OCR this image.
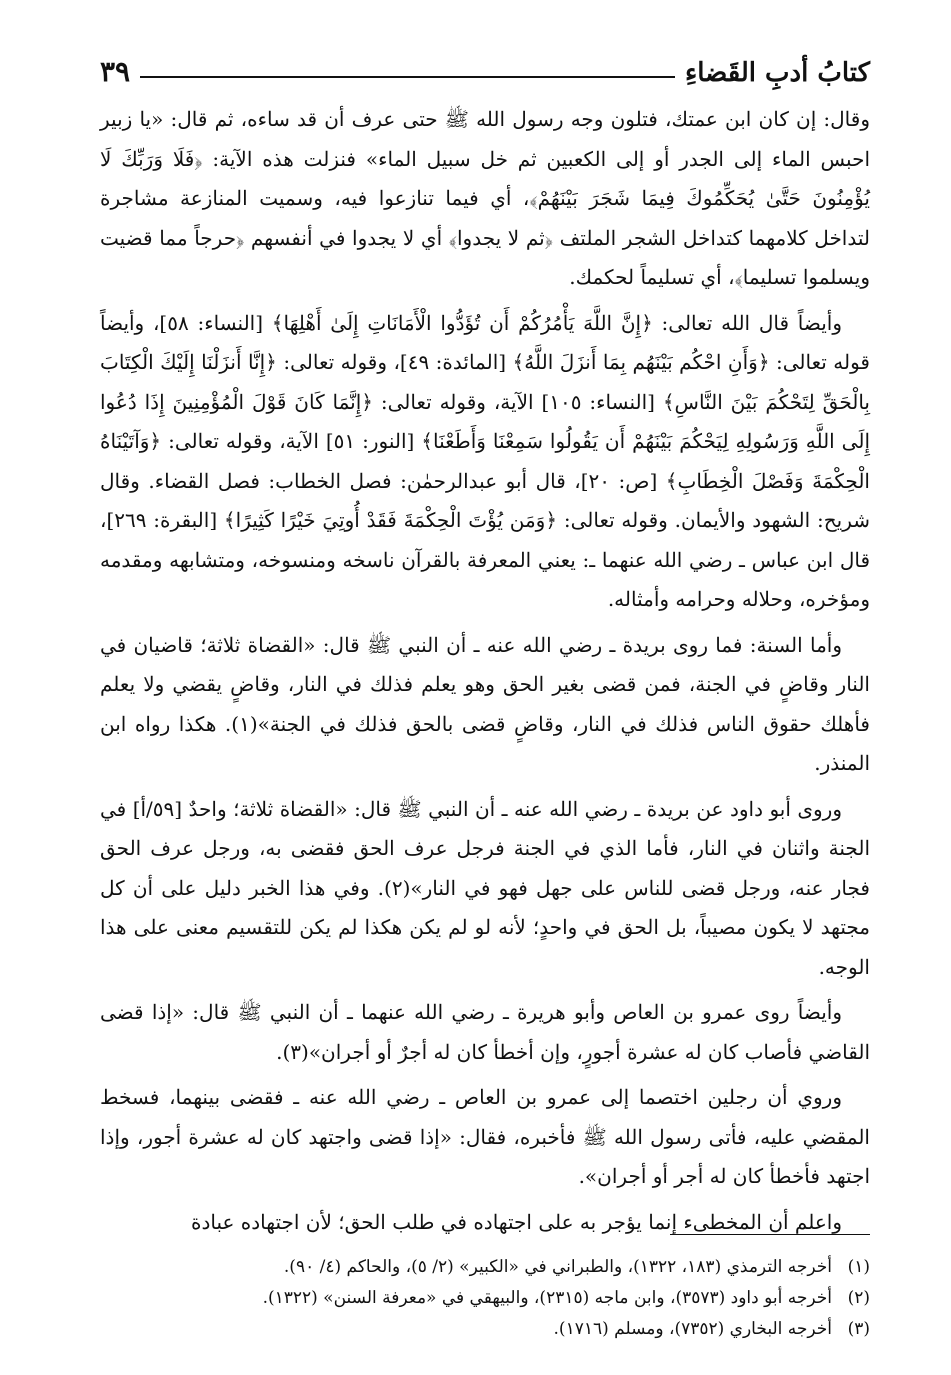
كتابُ أدبِ القَضاءِ
٣٩

وقال: إن كان ابن عمتك، فتلون وجه رسول الله ﷺ حتى عرف أن قد ساءه، ثم قال: «يا زبير احبس الماء إلى الجدر أو إلى الكعبين ثم خل سبيل الماء» فنزلت هذه الآية: ﴿فَلَا وَرَبِّكَ لَا يُؤْمِنُونَ حَتَّىٰ يُحَكِّمُوكَ فِيمَا شَجَرَ بَيْنَهُمْ﴾، أي فيما تنازعوا فيه، وسميت المنازعة مشاجرة لتداخل كلامهما كتداخل الشجر الملتف ﴿ثم لا يجدوا﴾ أي لا يجدوا في أنفسهم ﴿حرجاً مما قضيت ويسلموا تسليما﴾، أي تسليماً لحكمك.

وأيضاً قال الله تعالى: ﴿إِنَّ اللَّهَ يَأْمُرُكُمْ أَن تُؤَدُّوا الْأَمَانَاتِ إِلَىٰ أَهْلِهَا﴾ [النساء: ٥٨]، وأيضاً قوله تعالى: ﴿وَأَنِ احْكُم بَيْنَهُم بِمَا أَنزَلَ اللَّهُ﴾ [المائدة: ٤٩]، وقوله تعالى: ﴿إِنَّا أَنزَلْنَا إِلَيْكَ الْكِتَابَ بِالْحَقِّ لِتَحْكُمَ بَيْنَ النَّاسِ﴾ [النساء: ١٠٥] الآية، وقوله تعالى: ﴿إِنَّمَا كَانَ قَوْلَ الْمُؤْمِنِينَ إِذَا دُعُوا إِلَى اللَّهِ وَرَسُولِهِ لِيَحْكُمَ بَيْنَهُمْ أَن يَقُولُوا سَمِعْنَا وَأَطَعْنَا﴾ [النور: ٥١] الآية، وقوله تعالى: ﴿وَآتَيْنَاهُ الْحِكْمَةَ وَفَصْلَ الْخِطَابِ﴾ [ص: ٢٠]، قال أبو عبدالرحمٰن: فصل الخطاب: فصل القضاء. وقال شريح: الشهود والأيمان. وقوله تعالى: ﴿وَمَن يُؤْتَ الْحِكْمَةَ فَقَدْ أُوتِيَ خَيْرًا كَثِيرًا﴾ [البقرة: ٢٦٩]، قال ابن عباس ـ رضي الله عنهما ـ: يعني المعرفة بالقرآن ناسخه ومنسوخه، ومتشابهه ومقدمه ومؤخره، وحلاله وحرامه وأمثاله.

وأما السنة: فما روى بريدة ـ رضي الله عنه ـ أن النبي ﷺ قال: «القضاة ثلاثة؛ قاضيان في النار وقاضٍ في الجنة، فمن قضى بغير الحق وهو يعلم فذلك في النار، وقاضٍ يقضي ولا يعلم فأهلك حقوق الناس فذلك في النار، وقاضٍ قضى بالحق فذلك في الجنة»(١). هكذا رواه ابن المنذر.

وروى أبو داود عن بريدة ـ رضي الله عنه ـ أن النبي ﷺ قال: «القضاة ثلاثة؛ واحدٌ [٥٩/أ] في الجنة واثنان في النار، فأما الذي في الجنة فرجل عرف الحق فقضى به، ورجل عرف الحق فجار عنه، ورجل قضى للناس على جهل فهو في النار»(٢). وفي هذا الخبر دليل على أن كل مجتهد لا يكون مصيباً، بل الحق في واحدٍ؛ لأنه لو لم يكن هكذا لم يكن للتقسيم معنى على هذا الوجه.

وأيضاً روى عمرو بن العاص وأبو هريرة ـ رضي الله عنهما ـ أن النبي ﷺ قال: «إذا قضى القاضي فأصاب كان له عشرة أجورٍ، وإن أخطأ كان له أجرٌ أو أجران»(٣).

وروي أن رجلين اختصما إلى عمرو بن العاص ـ رضي الله عنه ـ فقضى بينهما، فسخط المقضي عليه، فأتى رسول الله ﷺ فأخبره، فقال: «إذا قضى واجتهد كان له عشرة أجور، وإذا اجتهد فأخطأ كان له أجر أو أجران».

واعلم أن المخطىء إنما يؤجر به على اجتهاده في طلب الحق؛ لأن اجتهاده عبادة

(١)
أخرجه الترمذي (١٨٣، ١٣٢٢)، والطبراني في «الكبير» (٢/ ٥)، والحاكم (٤/ ٩٠).
(٢)
أخرجه أبو داود (٣٥٧٣)، وابن ماجه (٢٣١٥)، والبيهقي في «معرفة السنن» (١٣٢٢).
(٣)
أخرجه البخاري (٧٣٥٢)، ومسلم (١٧١٦).
